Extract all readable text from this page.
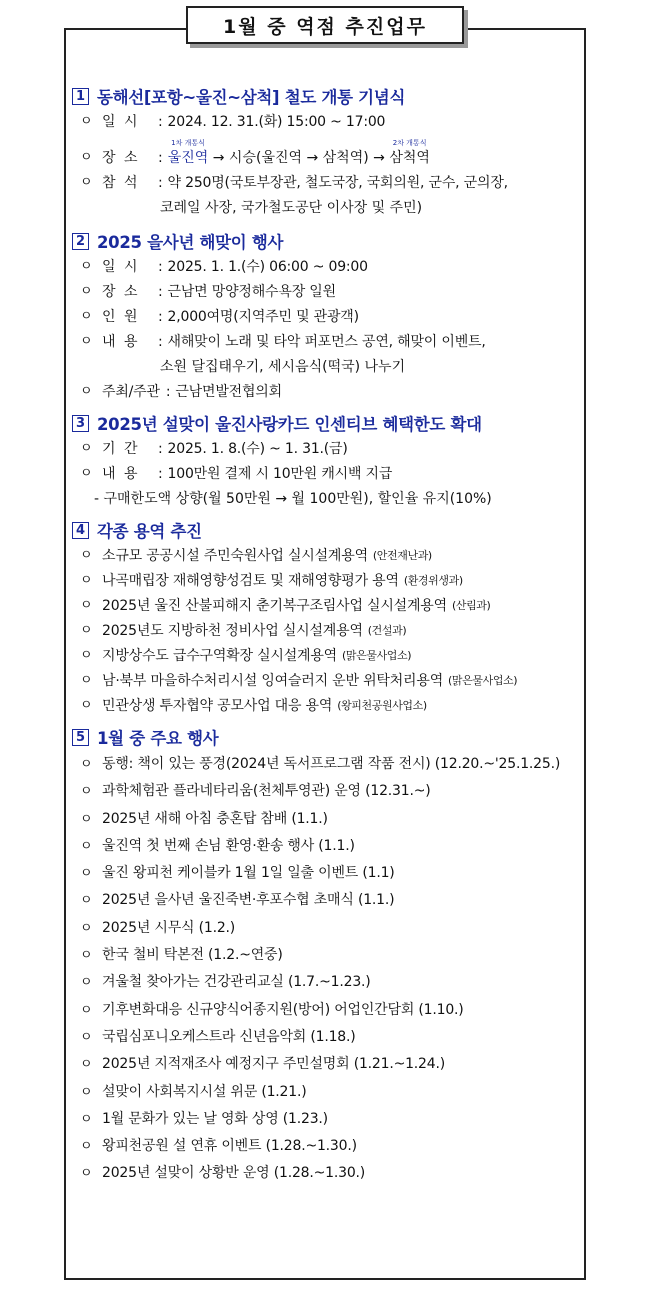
1월 중 역점 추진업무
1 동해선[포항~울진~삼척] 철도 개통 기념식
ㅇ 일 시	: 2024. 12. 31.(화) 15:00 ~ 17:00
ㅇ 장 소	:
1차 개통식
울진역 → 시승(울진역 → 삼척역) →
2차 개통식
삼척역
ㅇ 참 석	: 약 250명(국토부장관, 철도국장, 국회의원, 군수, 군의장,
코레일 사장, 국가철도공단 이사장 및 주민)
2 2025 을사년 해맞이 행사
ㅇ 일 시	: 2025. 1. 1.(수) 06:00 ~ 09:00
ㅇ 장 소	: 근남면 망양정해수욕장 일원
ㅇ 인 원	: 2,000여명(지역주민 및 관광객)
ㅇ 내 용	: 새해맞이 노래 및 타악 퍼포먼스 공연, 해맞이 이벤트,
소원 달집태우기, 세시음식(떡국) 나누기
ㅇ 주최/주관 : 근남면발전협의회
3 2025년 설맞이 울진사랑카드 인센티브 혜택한도 확대
ㅇ 기 간	: 2025. 1. 8.(수) ~ 1. 31.(금)
ㅇ 내 용	: 100만원 결제 시 10만원 캐시백 지급
- 구매한도액 상향(월 50만원 → 월 100만원), 할인율 유지(10%)
4 각종 용역 추진
ㅇ 소규모 공공시설 주민숙원사업 실시설계용역 (안전재난과)
ㅇ 나곡매립장 재해영향성검토 및 재해영향평가 용역 (환경위생과)
ㅇ 2025년 울진 산불피해지 춘기복구조림사업 실시설계용역 (산림과)
ㅇ 2025년도 지방하천 정비사업 실시설계용역 (건설과)
ㅇ 지방상수도 급수구역확장 실시설계용역 (맑은물사업소)
ㅇ 남·북부 마을하수처리시설 잉여슬러지 운반 위탁처리용역 (맑은물사업소)
ㅇ 민관상생 투자협약 공모사업 대응 용역 (왕피천공원사업소)
5 1월 중 주요 행사
ㅇ 동행: 책이 있는 풍경(2024년 독서프로그램 작품 전시) (12.20.~'25.1.25.)
ㅇ 과학체험관 플라네타리움(천체투영관) 운영 (12.31.~)
ㅇ 2025년 새해 아침 충혼탑 참배 (1.1.)
ㅇ 울진역 첫 번째 손님 환영·환송 행사 (1.1.)
ㅇ 울진 왕피천 케이블카 1월 1일 일출 이벤트 (1.1)
ㅇ 2025년 을사년 울진죽변·후포수협 초매식 (1.1.)
ㅇ 2025년 시무식 (1.2.)
ㅇ 한국 철비 탁본전 (1.2.~연중)
ㅇ 겨울철 찾아가는 건강관리교실 (1.7.~1.23.)
ㅇ 기후변화대응 신규양식어종지원(방어) 어업인간담회 (1.10.)
ㅇ 국립심포니오케스트라 신년음악회 (1.18.)
ㅇ 2025년 지적재조사 예정지구 주민설명회 (1.21.~1.24.)
ㅇ 설맞이 사회복지시설 위문 (1.21.)
ㅇ 1월 문화가 있는 날 영화 상영 (1.23.)
ㅇ 왕피천공원 설 연휴 이벤트 (1.28.~1.30.)
ㅇ 2025년 설맞이 상황반 운영 (1.28.~1.30.)
